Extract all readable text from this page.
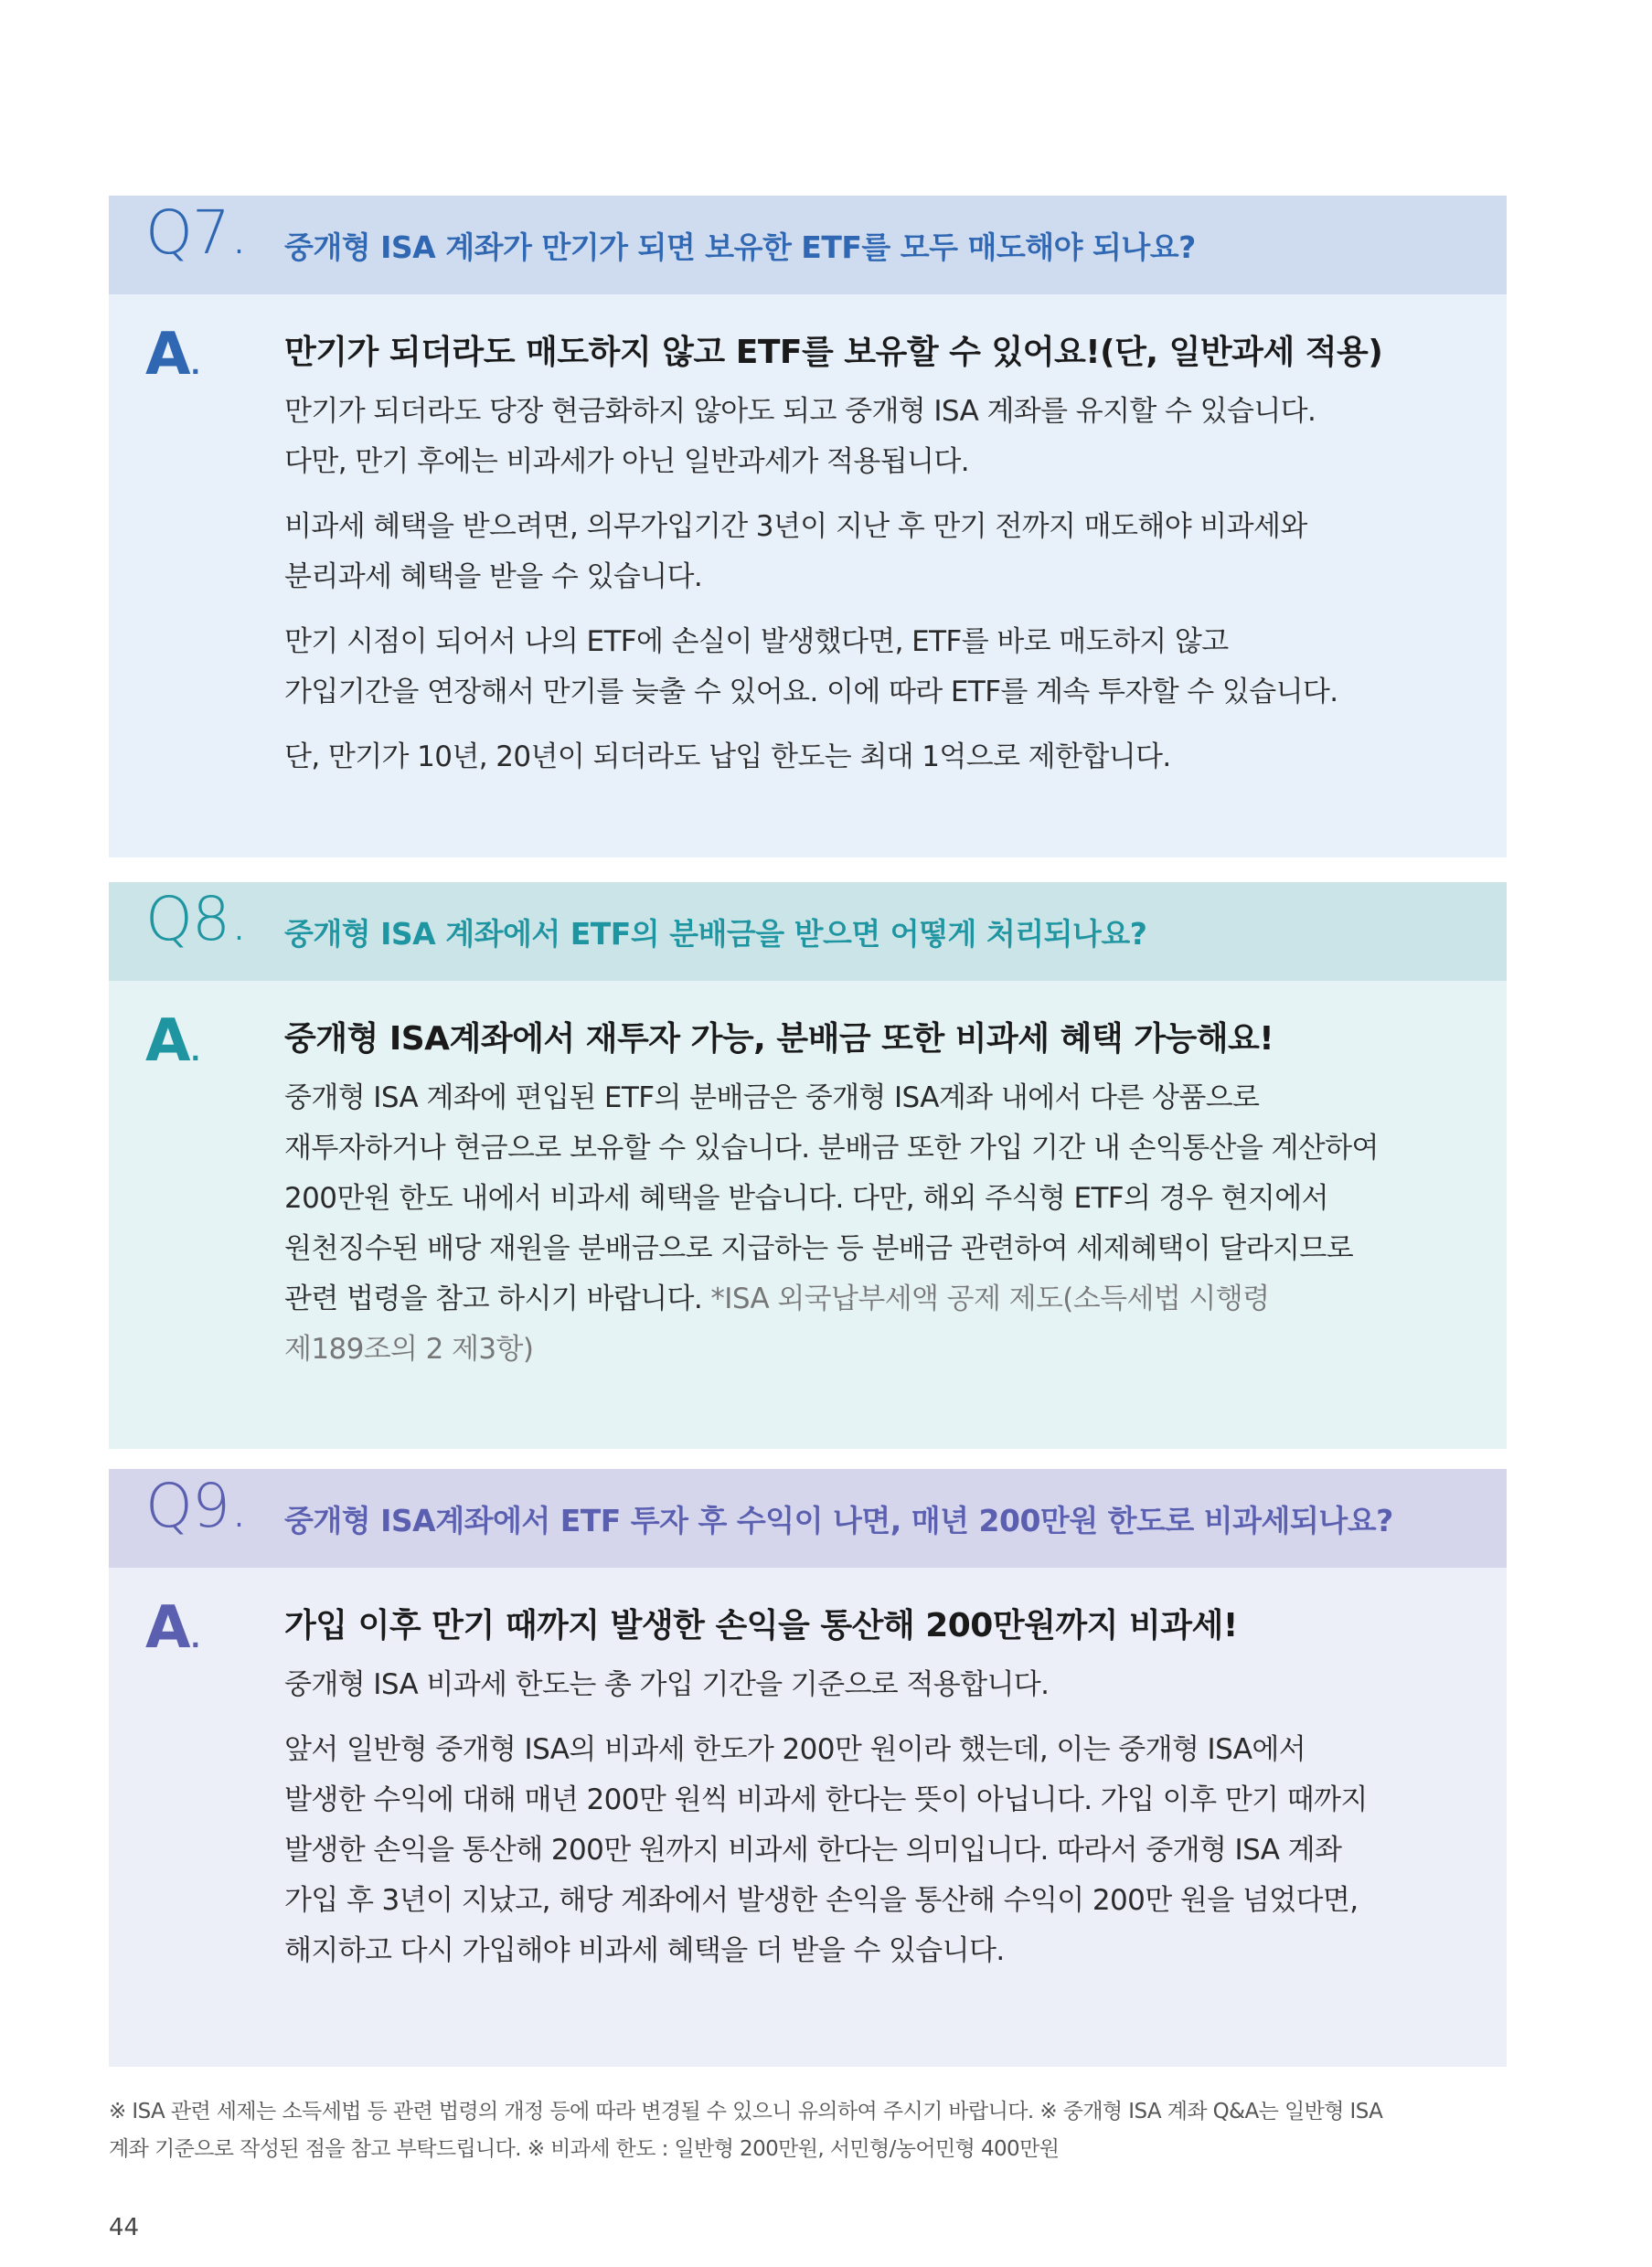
Q7. 중개형 ISA 계좌가 만기가 되면 보유한 ETF를 모두 매도해야 되나요?
A.	만기가 되더라도 매도하지 않고 ETF를 보유할 수 있어요!(단, 일반과세 적용)

만기가 되더라도 당장 현금화하지 않아도 되고 중개형 ISA 계좌를 유지할 수 있습니다.
다만, 만기 후에는 비과세가 아닌 일반과세가 적용됩니다.

비과세 혜택을 받으려면, 의무가입기간 3년이 지난 후 만기 전까지 매도해야 비과세와
분리과세 혜택을 받을 수 있습니다.

만기 시점이 되어서 나의 ETF에 손실이 발생했다면, ETF를 바로 매도하지 않고
가입기간을 연장해서 만기를 늦출 수 있어요. 이에 따라 ETF를 계속 투자할 수 있습니다.

단, 만기가 10년, 20년이 되더라도 납입 한도는 최대 1억으로 제한합니다.

Q8. 중개형 ISA 계좌에서 ETF의 분배금을 받으면 어떻게 처리되나요?
A.	중개형 ISA계좌에서 재투자 가능, 분배금 또한 비과세 혜택 가능해요!

중개형 ISA 계좌에 편입된 ETF의 분배금은 중개형 ISA계좌 내에서 다른 상품으로
재투자하거나 현금으로 보유할 수 있습니다. 분배금 또한 가입 기간 내 손익통산을 계산하여
200만원 한도 내에서 비과세 혜택을 받습니다. 다만, 해외 주식형 ETF의 경우 현지에서
원천징수된 배당 재원을 분배금으로 지급하는 등 분배금 관련하여 세제혜택이 달라지므로
관련 법령을 참고 하시기 바랍니다. *ISA 외국납부세액 공제 제도(소득세법 시행령
제189조의 2 제3항)

Q9. 중개형 ISA계좌에서 ETF 투자 후 수익이 나면, 매년 200만원 한도로 비과세되나요?
A.	가입 이후 만기 때까지 발생한 손익을 통산해 200만원까지 비과세!

중개형 ISA 비과세 한도는 총 가입 기간을 기준으로 적용합니다.

앞서 일반형 중개형 ISA의 비과세 한도가 200만 원이라 했는데, 이는 중개형 ISA에서
발생한 수익에 대해 매년 200만 원씩 비과세 한다는 뜻이 아닙니다. 가입 이후 만기 때까지
발생한 손익을 통산해 200만 원까지 비과세 한다는 의미입니다. 따라서 중개형 ISA 계좌
가입 후 3년이 지났고, 해당 계좌에서 발생한 손익을 통산해 수익이 200만 원을 넘었다면,
해지하고 다시 가입해야 비과세 혜택을 더 받을 수 있습니다.

※ ISA 관련 세제는 소득세법 등 관련 법령의 개정 등에 따라 변경될 수 있으니 유의하여 주시기 바랍니다. ※ 중개형 ISA 계좌 Q&A는 일반형 ISA
계좌 기준으로 작성된 점을 참고 부탁드립니다. ※ 비과세 한도 : 일반형 200만원, 서민형/농어민형 400만원
44
